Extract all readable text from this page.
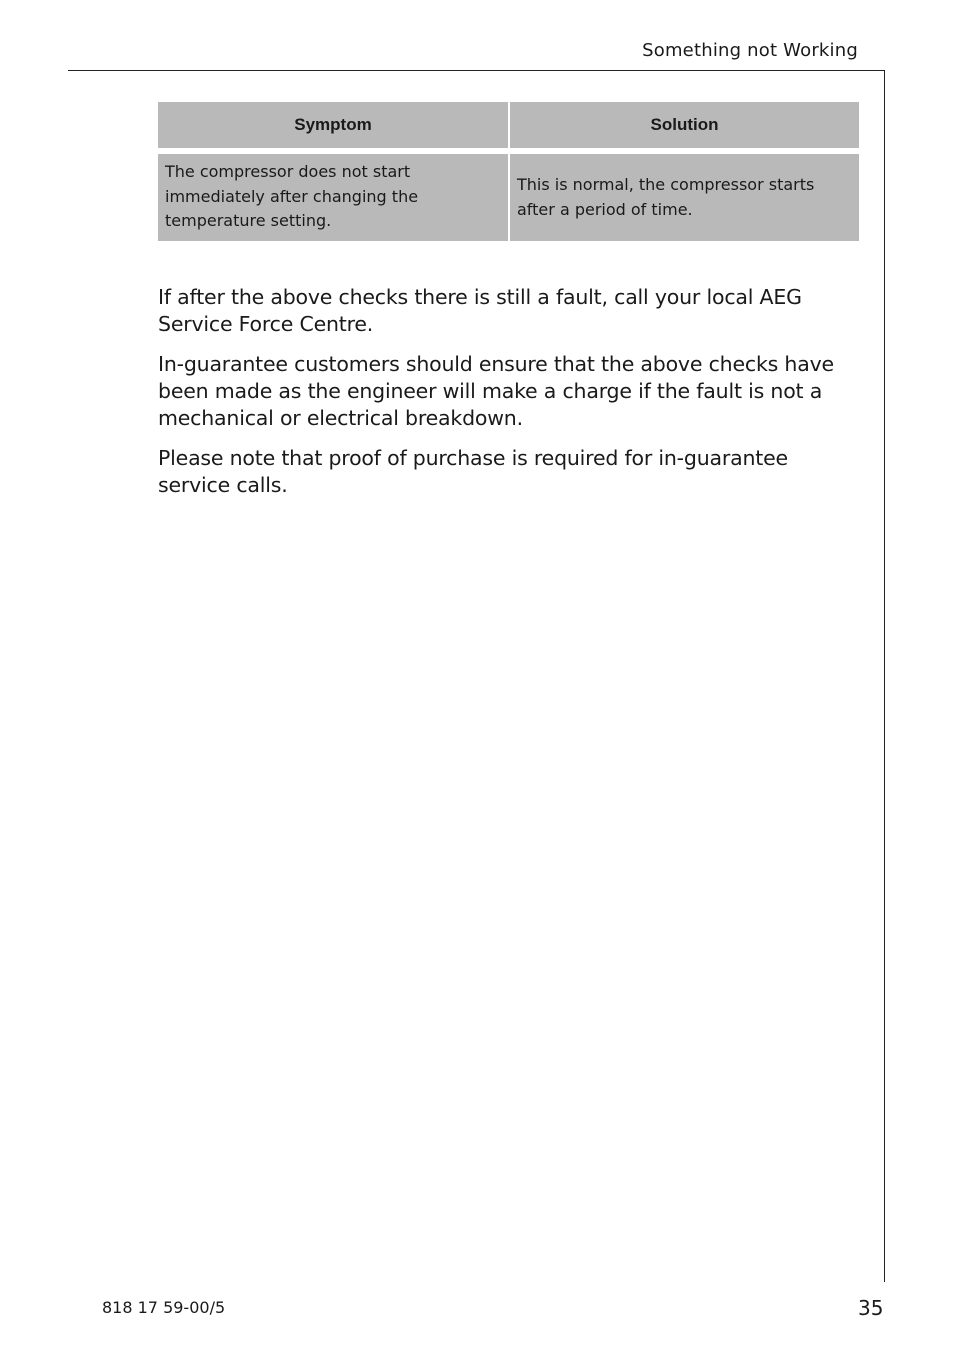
Something not Working
Symptom	Solution
The compressor does not start immediately after changing the temperature setting.
This is normal, the compressor starts after a period of time.

If after the above checks there is still a fault, call your local AEG Service Force Centre.

In-guarantee customers should ensure that the above checks have been made as the engineer will make a charge if the fault is not a mechanical or electrical breakdown.

Please note that proof of purchase is required for in-guarantee service calls.

818 17 59-00/5	35
